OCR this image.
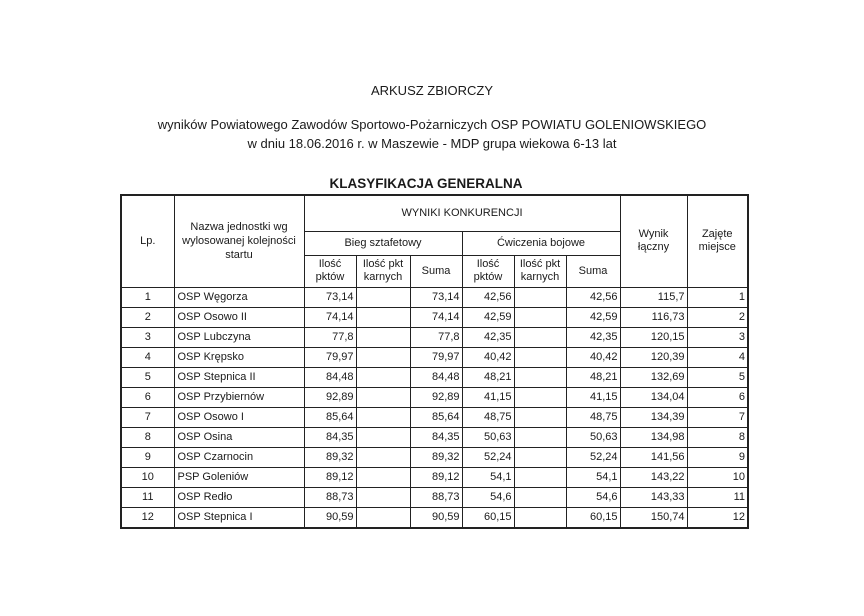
ARKUSZ ZBIORCZY
wyników Powiatowego Zawodów Sportowo-Pożarniczych OSP POWIATU GOLENIOWSKIEGO
w dniu 18.06.2016 r. w Maszewie - MDP grupa wiekowa 6-13 lat
KLASYFIKACJA GENERALNA
Lp.	Nazwa jednostki wg wylosowanej kolejności startu	WYNIKI KONKURENCJI						Wynik łączny	Zajęte miejsce
		Bieg sztafetowy			Ćwiczenia bojowe				
		Ilość pktów	Ilość pkt karnych	Suma	Ilość pktów	Ilość pkt karnych	Suma		
1	OSP Węgorza	73,14		73,14	42,56		42,56	115,7	1
2	OSP Osowo II	74,14		74,14	42,59		42,59	116,73	2
3	OSP Lubczyna	77,8		77,8	42,35		42,35	120,15	3
4	OSP Krępsko	79,97		79,97	40,42		40,42	120,39	4
5	OSP Stepnica II	84,48		84,48	48,21		48,21	132,69	5
6	OSP Przybiernów	92,89		92,89	41,15		41,15	134,04	6
7	OSP Osowo I	85,64		85,64	48,75		48,75	134,39	7
8	OSP Osina	84,35		84,35	50,63		50,63	134,98	8
9	OSP Czarnocin	89,32		89,32	52,24		52,24	141,56	9
10	PSP Goleniów	89,12		89,12	54,1		54,1	143,22	10
11	OSP Redło	88,73		88,73	54,6		54,6	143,33	11
12	OSP Stepnica I	90,59		90,59	60,15		60,15	150,74	12
